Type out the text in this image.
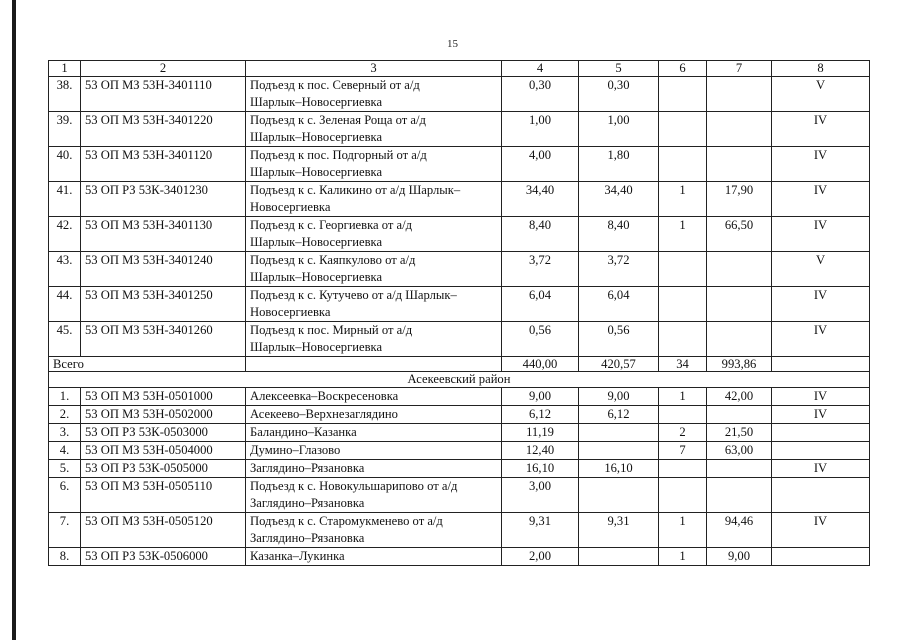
15
1	2	3	4	5	6	7	8
38.	53 ОП МЗ 53Н-3401110	Подъезд к пос. Северный от а/д
Шарлык–Новосергиевка	0,30	0,30			V
39.	53 ОП МЗ 53Н-3401220	Подъезд к с. Зеленая Роща от а/д
Шарлык–Новосергиевка	1,00	1,00			IV
40.	53 ОП МЗ 53Н-3401120	Подъезд к пос. Подгорный от а/д
Шарлык–Новосергиевка	4,00	1,80			IV
41.	53 ОП РЗ 53К-3401230	Подъезд к с. Каликино от а/д Шарлык–
Новосергиевка	34,40	34,40	1	17,90	IV
42.	53 ОП МЗ 53Н-3401130	Подъезд к с. Георгиевка от а/д
Шарлык–Новосергиевка	8,40	8,40	1	66,50	IV
43.	53 ОП МЗ 53Н-3401240	Подъезд к с. Каяпкулово от а/д
Шарлык–Новосергиевка	3,72	3,72			V
44.	53 ОП МЗ 53Н-3401250	Подъезд к с. Кутучево от а/д Шарлык–
Новосергиевка	6,04	6,04			IV
45.	53 ОП МЗ 53Н-3401260	Подъезд к пос. Мирный от а/д
Шарлык–Новосергиевка	0,56	0,56			IV
Всего			440,00	420,57	34	993,86	
Асекеевский район							
1.	53 ОП МЗ 53Н-0501000	Алексеевка–Воскресеновка	9,00	9,00	1	42,00	IV
2.	53 ОП МЗ 53Н-0502000	Асекеево–Верхнезаглядино	6,12	6,12			IV
3.	53 ОП РЗ 53К-0503000	Баландино–Казанка	11,19		2	21,50	
4.	53 ОП МЗ 53Н-0504000	Думино–Глазово	12,40		7	63,00	
5.	53 ОП РЗ 53К-0505000	Заглядино–Рязановка	16,10	16,10			IV
6.	53 ОП МЗ 53Н-0505110	Подъезд к с. Новокульшарипово от а/д
Заглядино–Рязановка	3,00				
7.	53 ОП МЗ 53Н-0505120	Подъезд к с. Старомукменево от а/д
Заглядино–Рязановка	9,31	9,31	1	94,46	IV
8.	53 ОП РЗ 53К-0506000	Казанка–Лукинка	2,00		1	9,00	
